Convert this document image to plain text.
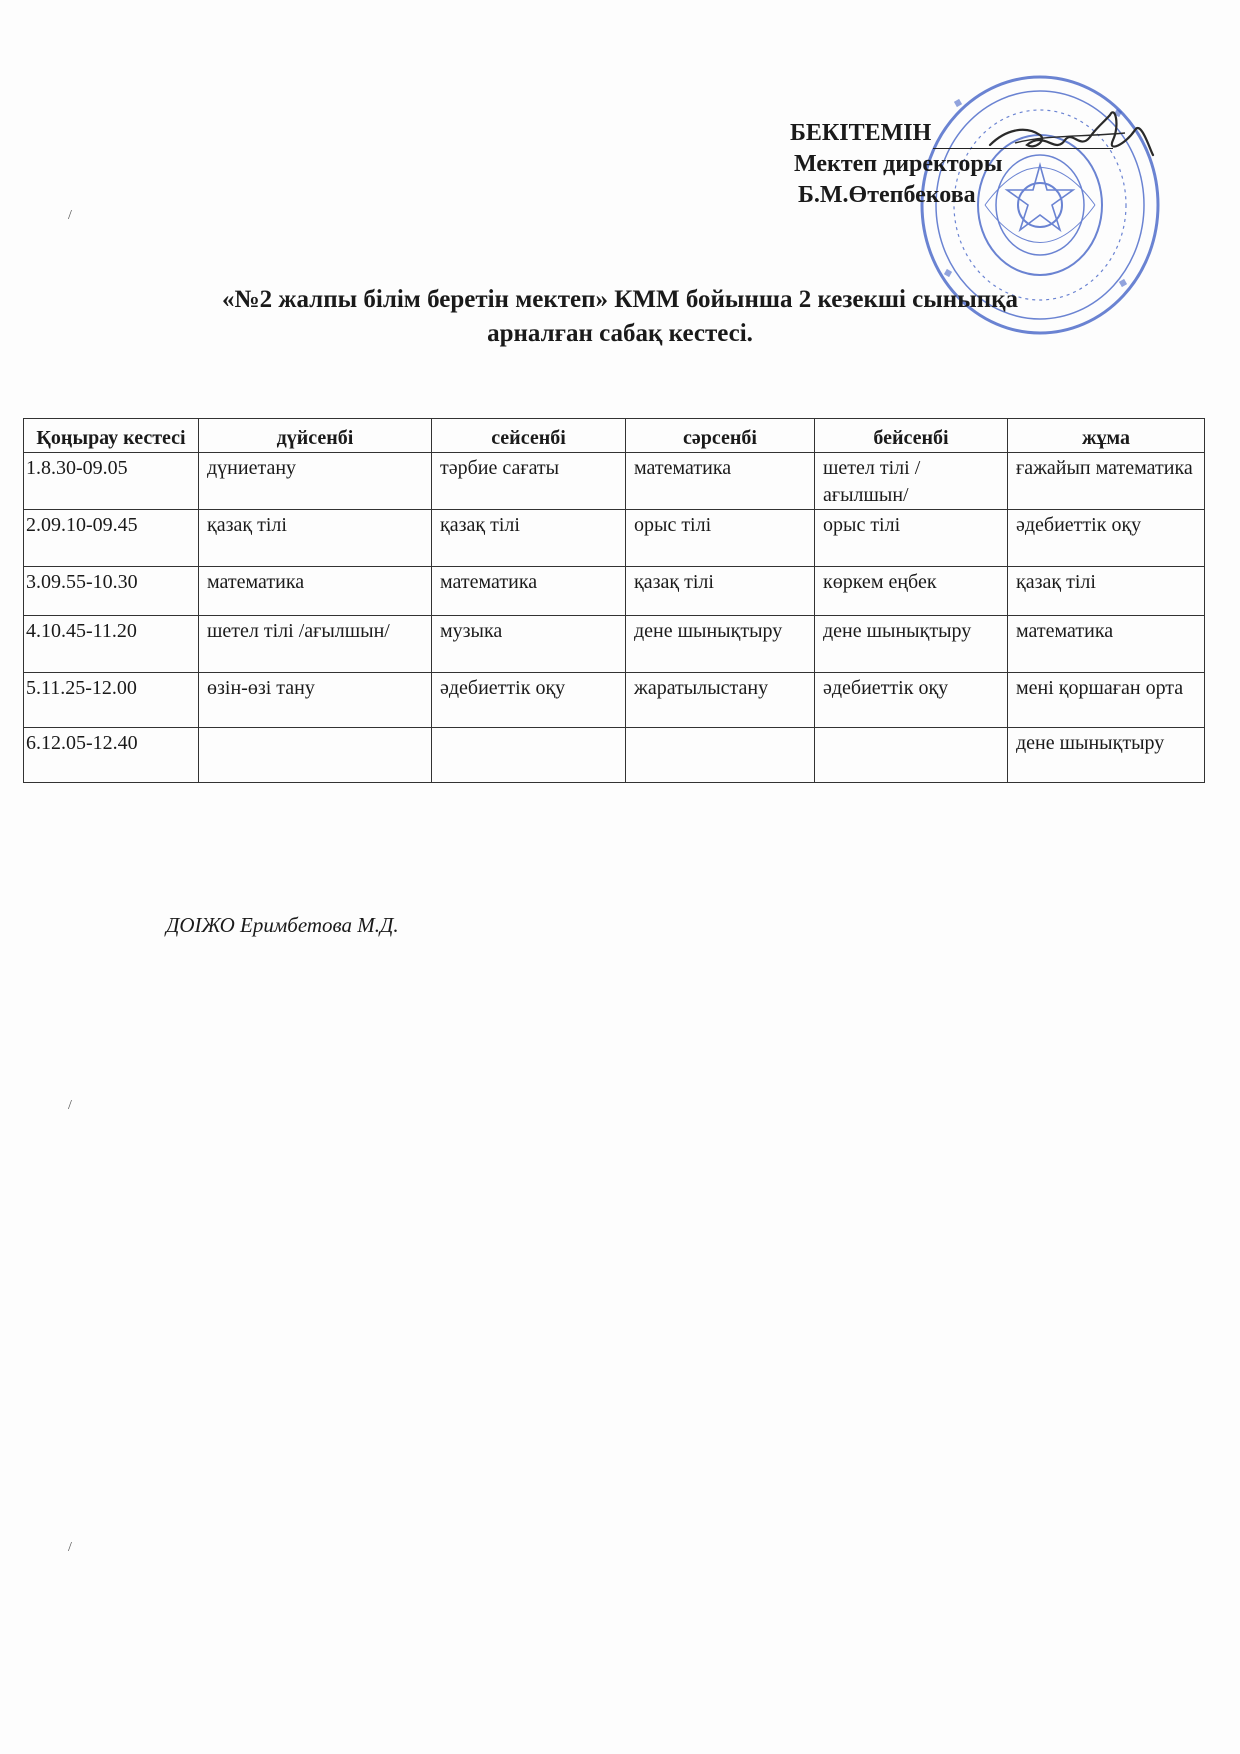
БЕКІТЕМІН
Мектеп директоры
Б.М.Өтепбекова
«№2 жалпы білім беретін мектеп» КММ бойынша 2 кезекші сыныпқа
арналған сабақ кестесі.
Қоңырау кестесі	дүйсенбі	сейсенбі	сәрсенбі	бейсенбі	жұма
1.8.30-09.05	дүниетану	тәрбие сағаты	математика	шетел тілі /ағылшын/	ғажайып математика
2.09.10-09.45	қазақ тілі	қазақ тілі	орыс тілі	орыс тілі	әдебиеттік оқу
3.09.55-10.30	математика	математика	қазақ тілі	көркем еңбек	қазақ тілі
4.10.45-11.20	шетел тілі /ағылшын/	музыка	дене шынықтыру	дене шынықтыру	математика
5.11.25-12.00	өзін-өзі тану	әдебиеттік оқу	жаратылыстану	әдебиеттік оқу	мені қоршаған орта
6.12.05-12.40					дене шынықтыру
ДОІЖО Еримбетова М.Д.
/
/
/
